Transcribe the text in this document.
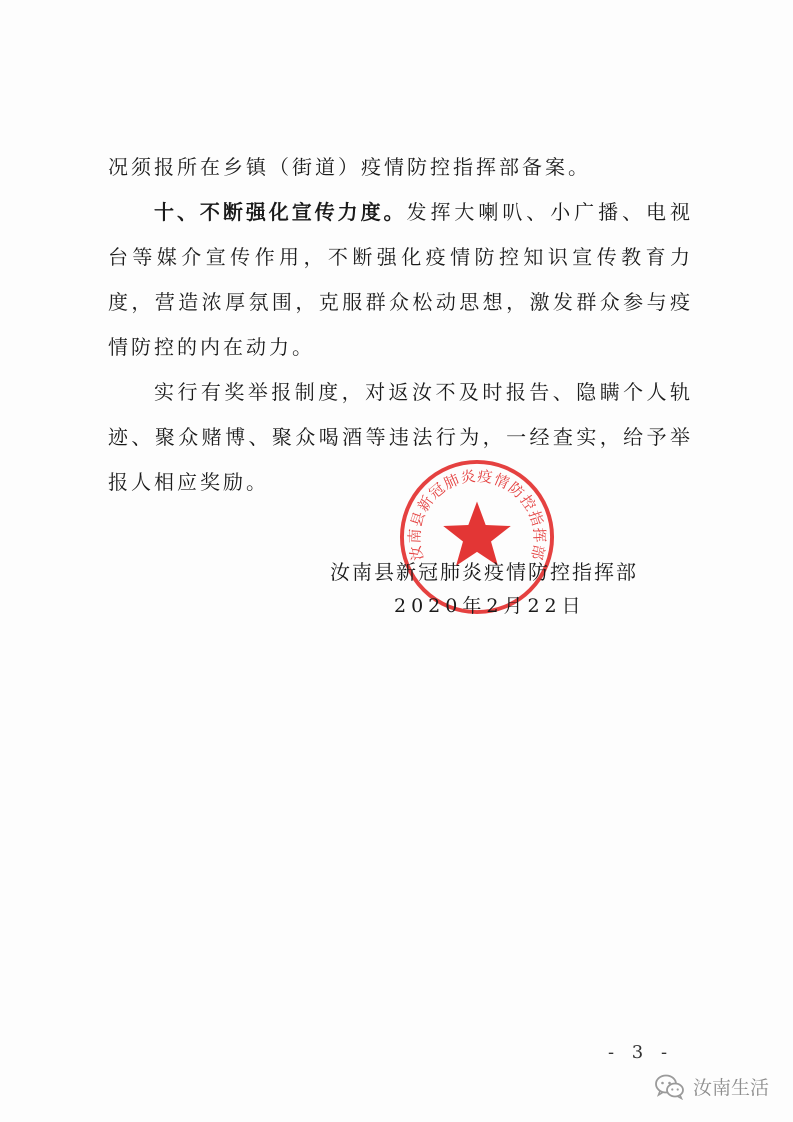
况须报所在乡镇（街道）疫情防控指挥部备案。

十、不断强化宣传力度。发挥大喇叭、小广播、电视台等媒介宣传作用，不断强化疫情防控知识宣传教育力度，营造浓厚氛围，克服群众松动思想，激发群众参与疫情防控的内在动力。

实行有奖举报制度，对返汝不及时报告、隐瞒个人轨迹、聚众赌博、聚众喝酒等违法行为，一经查实，给予举报人相应奖励。

汝南县新冠肺炎疫情防控指挥部
汝南县新冠肺炎疫情防控指挥部
2020年2月22日
- 3 -
汝南生活
